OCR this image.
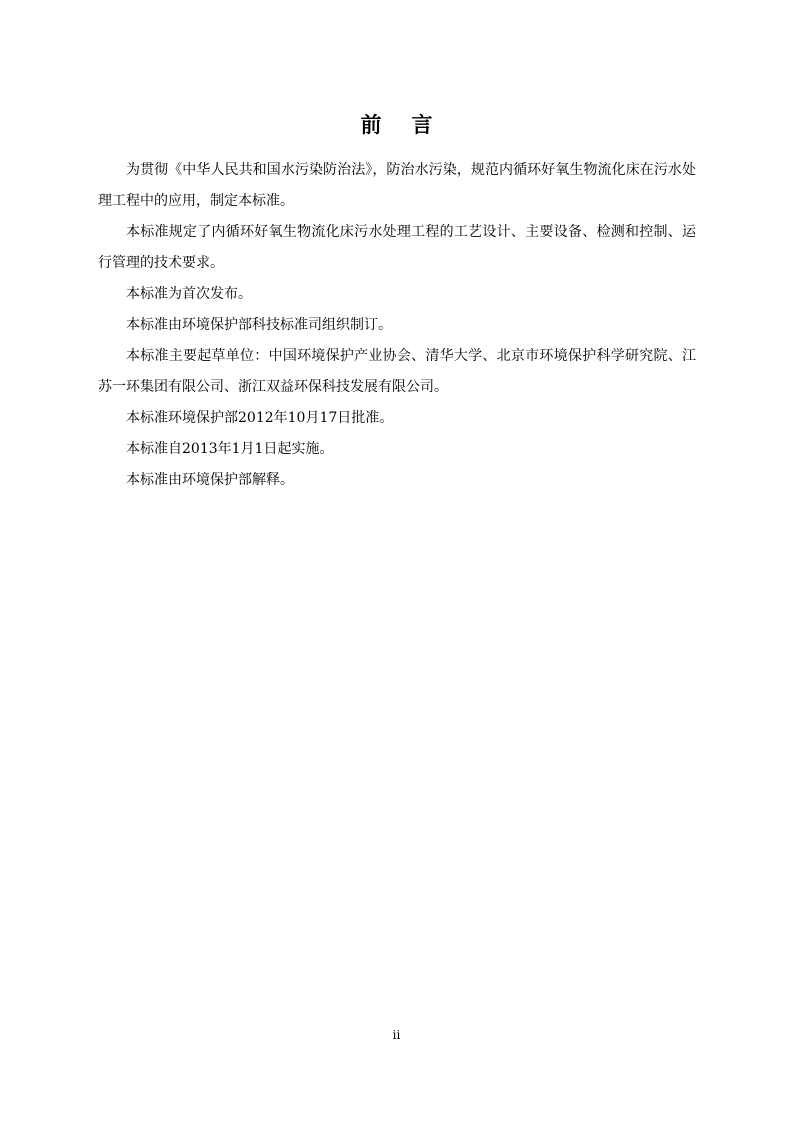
前言

为贯彻《中华人民共和国水污染防治法》，防治水污染，规范内循环好氧生物流化床在污水处理工程中的应用，制定本标准。

本标准规定了内循环好氧生物流化床污水处理工程的工艺设计、主要设备、检测和控制、运行管理的技术要求。

本标准为首次发布。

本标准由环境保护部科技标准司组织制订。

本标准主要起草单位：中国环境保护产业协会、清华大学、北京市环境保护科学研究院、江苏一环集团有限公司、浙江双益环保科技发展有限公司。

本标准环境保护部2012年10月17日批准。

本标准自2013年1月1日起实施。

本标准由环境保护部解释。

ii
